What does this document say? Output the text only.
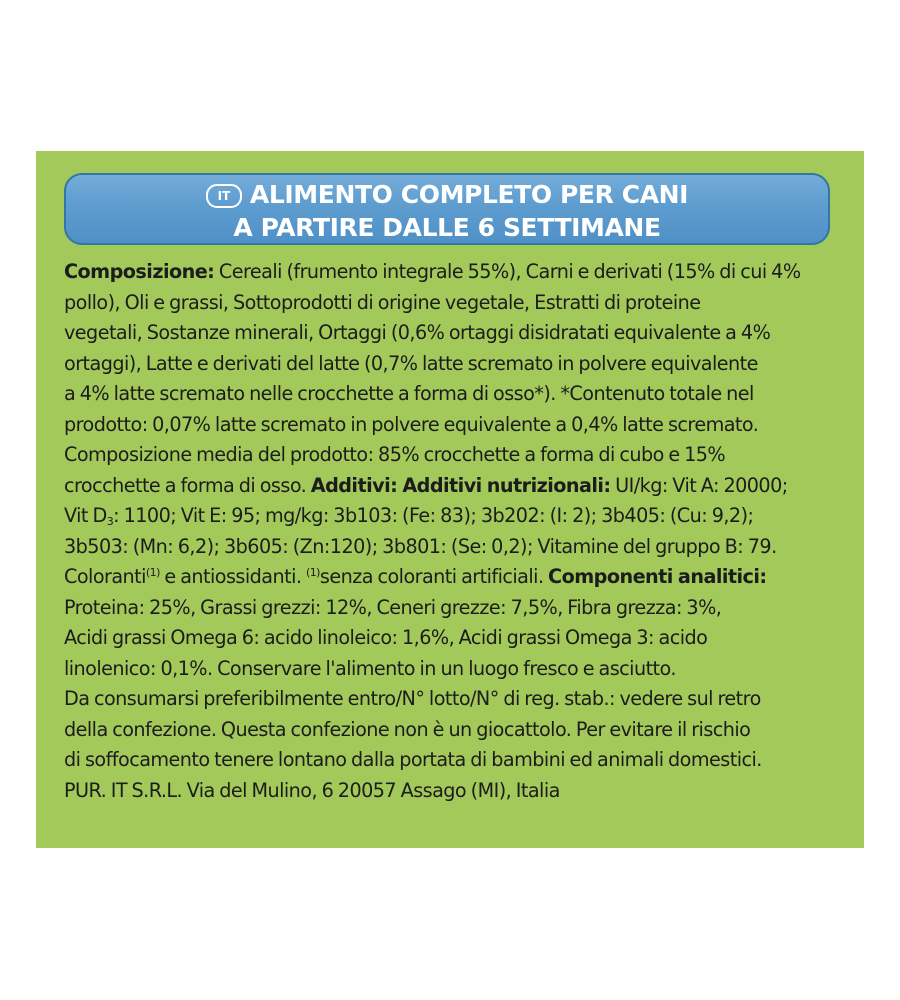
IT ALIMENTO COMPLETO PER CANI
A PARTIRE DALLE 6 SETTIMANE
Composizione: Cereali (frumento integrale 55%), Carni e derivati (15% di cui 4%
pollo), Oli e grassi, Sottoprodotti di origine vegetale, Estratti di proteine
vegetali, Sostanze minerali, Ortaggi (0,6% ortaggi disidratati equivalente a 4%
ortaggi), Latte e derivati del latte (0,7% latte scremato in polvere equivalente
a 4% latte scremato nelle crocchette a forma di osso*). *Contenuto totale nel
prodotto: 0,07% latte scremato in polvere equivalente a 0,4% latte scremato.
Composizione media del prodotto: 85% crocchette a forma di cubo e 15%
crocchette a forma di osso. Additivi: Additivi nutrizionali: UI/kg: Vit A: 20000;
Vit $D_3$: 1100; Vit E: 95; mg/kg: 3b103: (Fe: 83); 3b202: (I: 2); 3b405: (Cu: 9,2);
3b503: (Mn: 6,2); 3b605: (Zn:120); 3b801: (Se: 0,2); Vitamine del gruppo B: 79.
Coloranti$^{(1)}$ e antiossidanti. $^{(1)}$senza coloranti artificiali. Componenti analitici:
Proteina: 25%, Grassi grezzi: 12%, Ceneri grezze: 7,5%, Fibra grezza: 3%,
Acidi grassi Omega 6: acido linoleico: 1,6%, Acidi grassi Omega 3: acido
linolenico: 0,1%. Conservare l'alimento in un luogo fresco e asciutto.
Da consumarsi preferibilmente entro/N° lotto/N° di reg. stab.: vedere sul retro
della confezione. Questa confezione non è un giocattolo. Per evitare il rischio
di soffocamento tenere lontano dalla portata di bambini ed animali domestici.
PUR. IT S.R.L. Via del Mulino, 6 20057 Assago (MI), Italia
